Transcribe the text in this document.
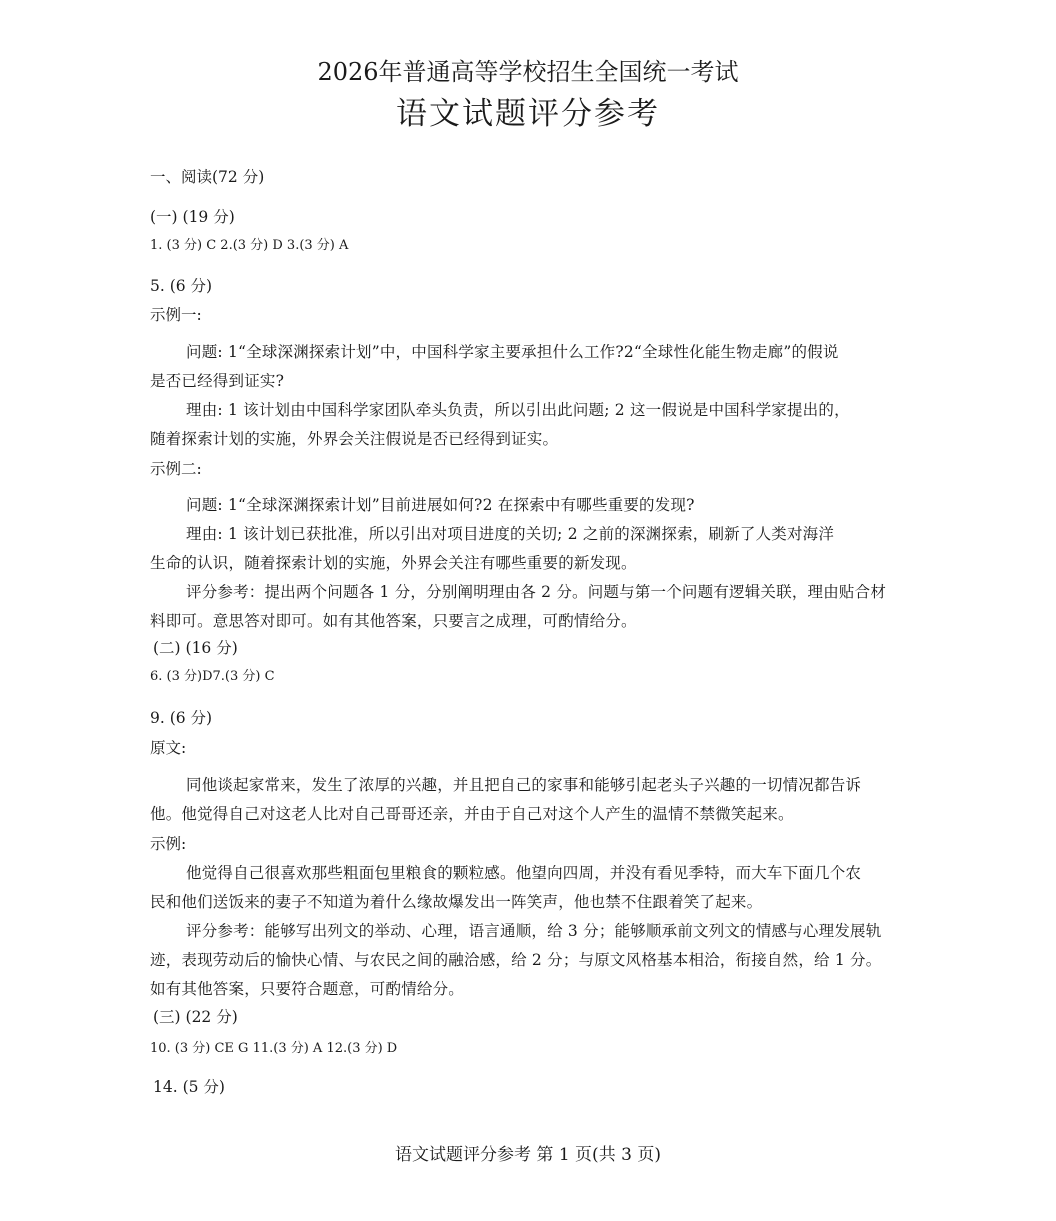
2026年普通高等学校招生全国统一考试
语文试题评分参考
一、阅读(72 分)
(一) (19 分)
1. (3 分) C 2.(3 分) D 3.(3 分) A
5. (6 分)
示例一:
问题: 1“全球深渊探索计划”中，中国科学家主要承担什么工作?2“全球性化能生物走廊”的假说
是否已经得到证实?
理由: 1 该计划由中国科学家团队牵头负责，所以引出此问题; 2 这一假说是中国科学家提出的，
随着探索计划的实施，外界会关注假说是否已经得到证实。
示例二:
问题: 1“全球深渊探索计划”目前进展如何?2 在探索中有哪些重要的发现?
理由: 1 该计划已获批准，所以引出对项目进度的关切; 2 之前的深渊探索，刷新了人类对海洋
生命的认识，随着探索计划的实施，外界会关注有哪些重要的新发现。
评分参考：提出两个问题各 1 分，分别阐明理由各 2 分。问题与第一个问题有逻辑关联，理由贴合材
料即可。意思答对即可。如有其他答案，只要言之成理，可酌情给分。
(二) (16 分)
6. (3 分)D7.(3 分) C
9. (6 分)
原文:
同他谈起家常来，发生了浓厚的兴趣，并且把自己的家事和能够引起老头子兴趣的一切情况都告诉
他。他觉得自己对这老人比对自己哥哥还亲，并由于自己对这个人产生的温情不禁微笑起来。
示例:
他觉得自己很喜欢那些粗面包里粮食的颗粒感。他望向四周，并没有看见季特，而大车下面几个农
民和他们送饭来的妻子不知道为着什么缘故爆发出一阵笑声，他也禁不住跟着笑了起来。
评分参考：能够写出列文的举动、心理，语言通顺，给 3 分；能够顺承前文列文的情感与心理发展轨
迹，表现劳动后的愉快心情、与农民之间的融洽感，给 2 分；与原文风格基本相洽，衔接自然，给 1 分。
如有其他答案，只要符合题意，可酌情给分。
(三) (22 分)
10. (3 分) CE G 11.(3 分) A 12.(3 分) D
14. (5 分)
语文试题评分参考 第 1 页(共 3 页)
